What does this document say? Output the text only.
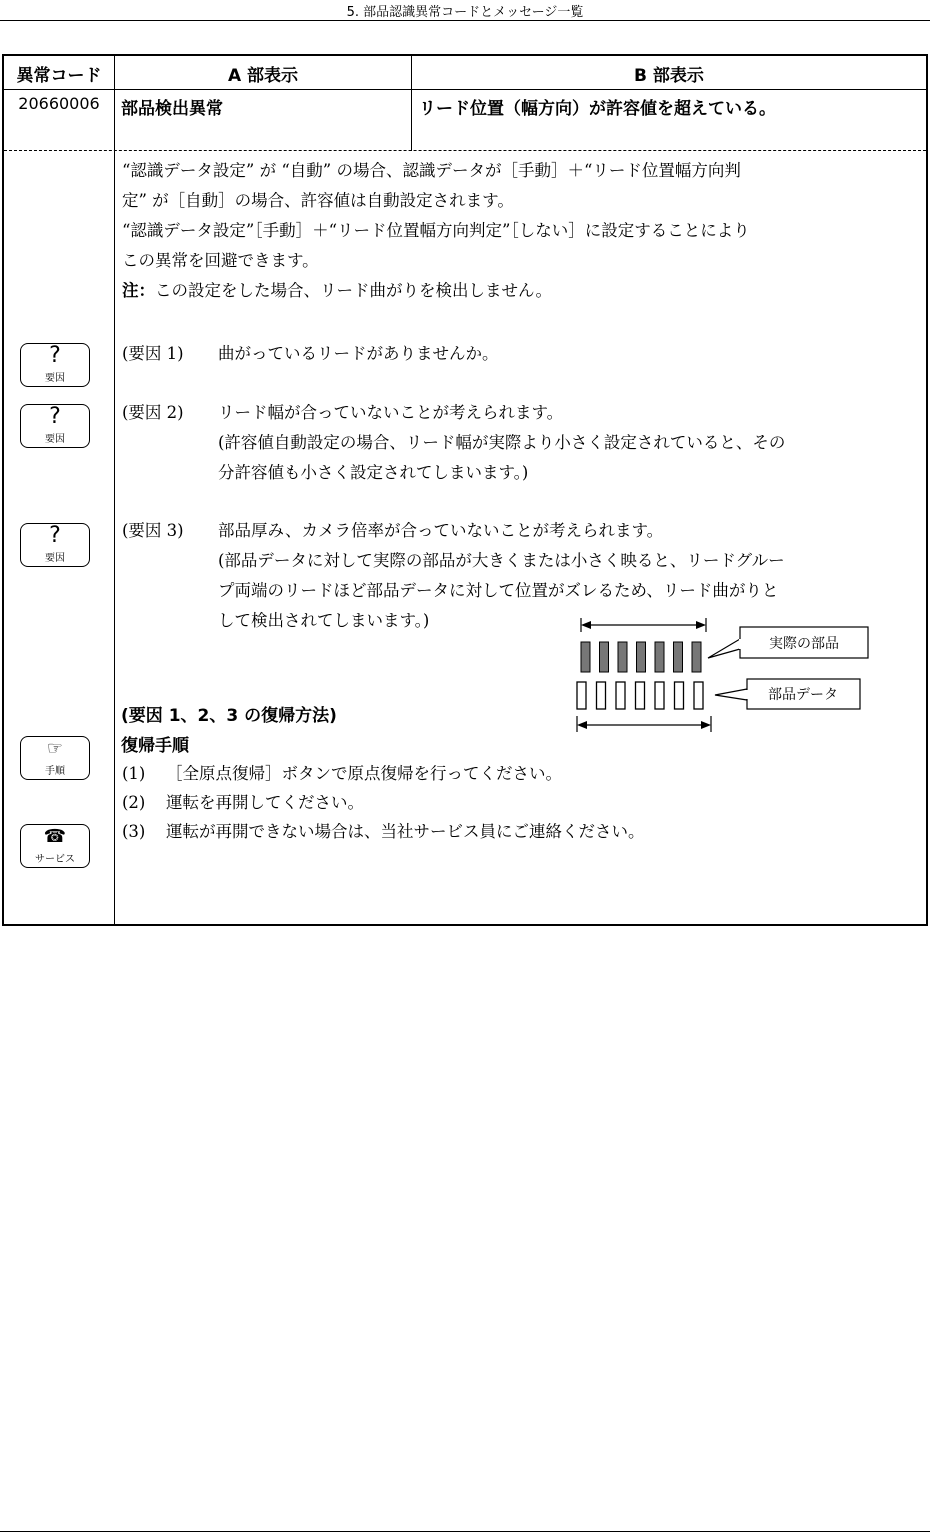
5. 部品認識異常コードとメッセージ一覧
異常コード	A 部表示	B 部表示
20660006	部品検出異常	リード位置（幅方向）が許容値を超えている。
“認識データ設定” が “自動” の場合、認識データが［手動］＋“リード位置幅方向判
定” が［自動］の場合、許容値は自動設定されます。
“認識データ設定”［手動］＋“リード位置幅方向判定”［しない］に設定することにより
この異常を回避できます。
注：この設定をした場合、リード曲がりを検出しません。
(要因 1) 曲がっているリードがありませんか。
(要因 2) リード幅が合っていないことが考えられます。
(許容値自動設定の場合、リード幅が実際より小さく設定されていると、その
分許容値も小さく設定されてしまいます。)
(要因 3) 部品厚み、カメラ倍率が合っていないことが考えられます。
(部品データに対して実際の部品が大きくまたは小さく映ると、リードグルー
プ両端のリードほど部品データに対して位置がズレるため、リード曲がりと
して検出されてしまいます。)
(要因 1、2、3 の復帰方法)
復帰手順
(1) ［全原点復帰］ボタンで原点復帰を行ってください。
(2) 運転を再開してください。
(3) 運転が再開できない場合は、当社サービス員にご連絡ください。
?
要因
?
要因
?
要因
☞
手順
☎
サービス
実際の部品
部品データ
